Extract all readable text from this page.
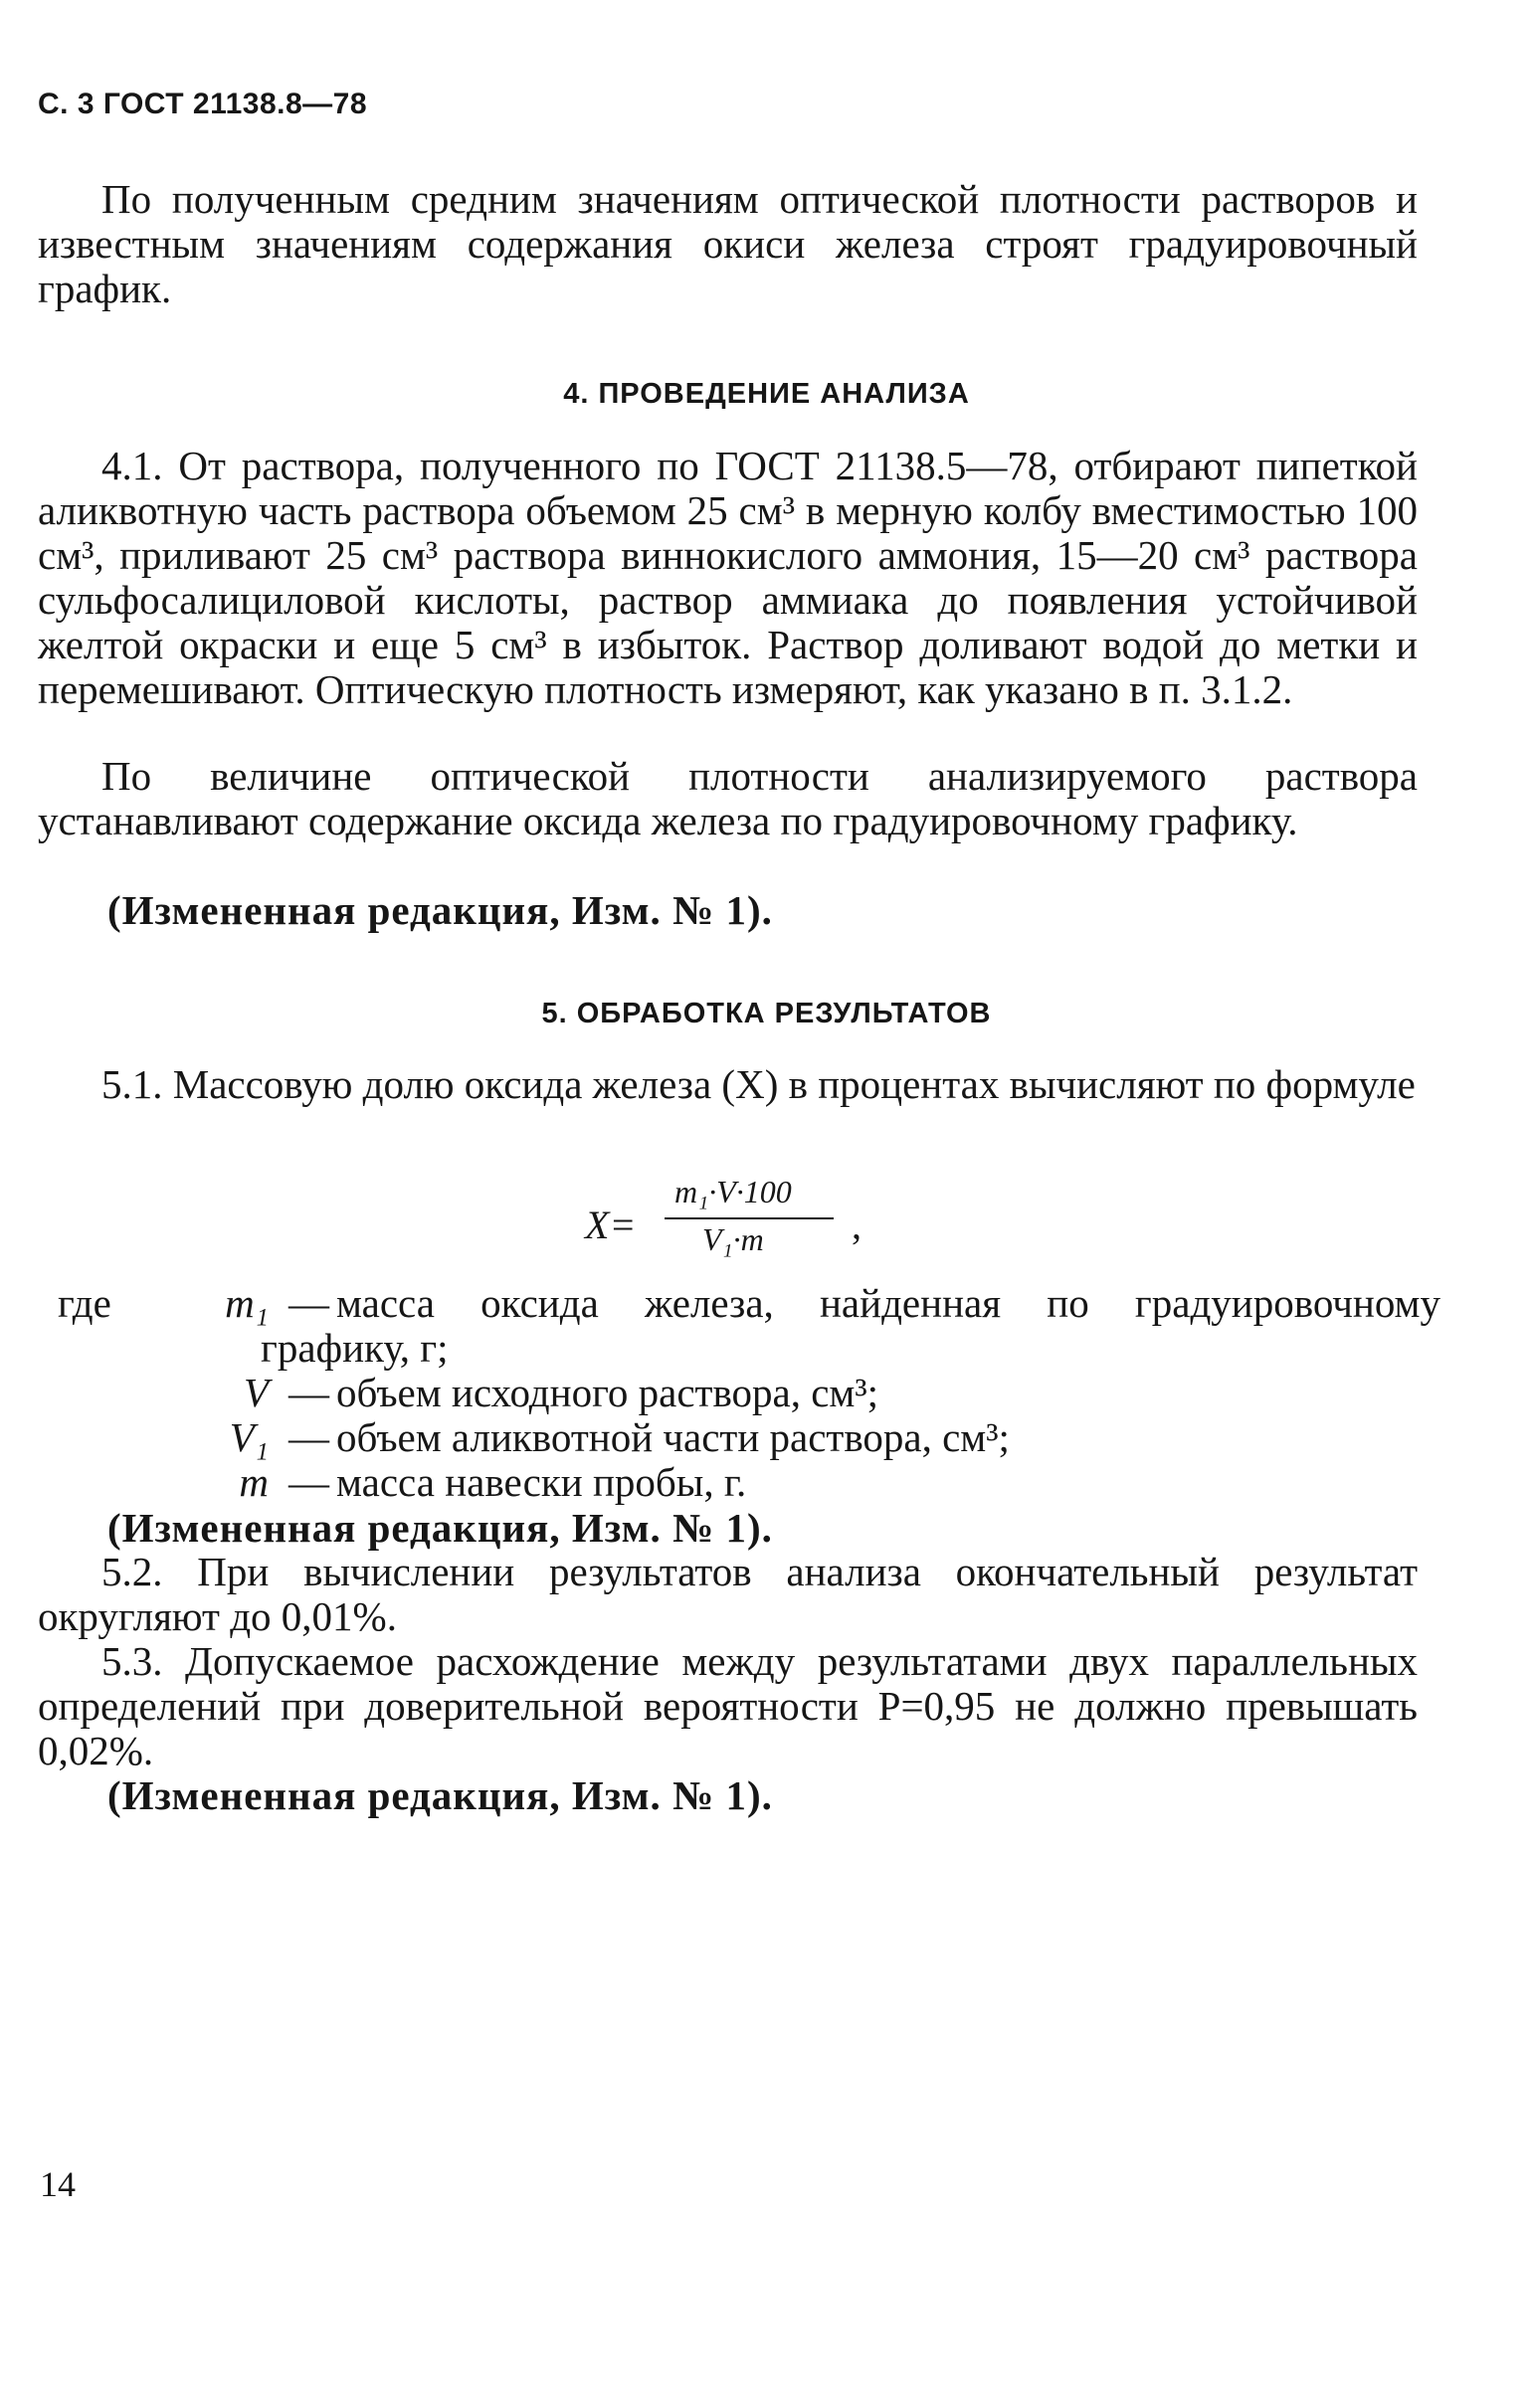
С. 3 ГОСТ 21138.8—78
По полученным средним значениям оптической плотности растворов и известным значениям содержания окиси железа строят градуировочный график.
4. ПРОВЕДЕНИЕ АНАЛИЗА
4.1. От раствора, полученного по ГОСТ 21138.5—78, отбирают пипеткой аликвотную часть раствора объемом 25 см³ в мерную колбу вместимостью 100 см³, приливают 25 см³ раствора виннокислого аммония, 15—20 см³ раствора сульфосалициловой кислоты, раствор аммиака до появления устойчивой желтой окраски и еще 5 см³ в избыток. Раствор доливают водой до метки и перемешивают. Оптическую плотность измеряют, как указано в п. 3.1.2.
По величине оптической плотности анализируемого раствора устанавливают содержание оксида железа по градуировочному графику.
(Измененная редакция, Изм. № 1).
5. ОБРАБОТКА РЕЗУЛЬТАТОВ
5.1. Массовую долю оксида железа (X) в процентах вычисляют по формуле
X=
m₁·V·100
V₁·m ,
где	m₁ — масса оксида железа, найденная по градуировочному
графику, г;
V — объем исходного раствора, см³;
V₁ — объем аликвотной части раствора, см³;
m — масса навески пробы, г.
(Измененная редакция, Изм. № 1).
5.2. При вычислении результатов анализа окончательный результат округляют до 0,01%.
5.3. Допускаемое расхождение между результатами двух параллельных определений при доверительной вероятности P=0,95 не должно превышать 0,02%.
(Измененная редакция, Изм. № 1).
14
